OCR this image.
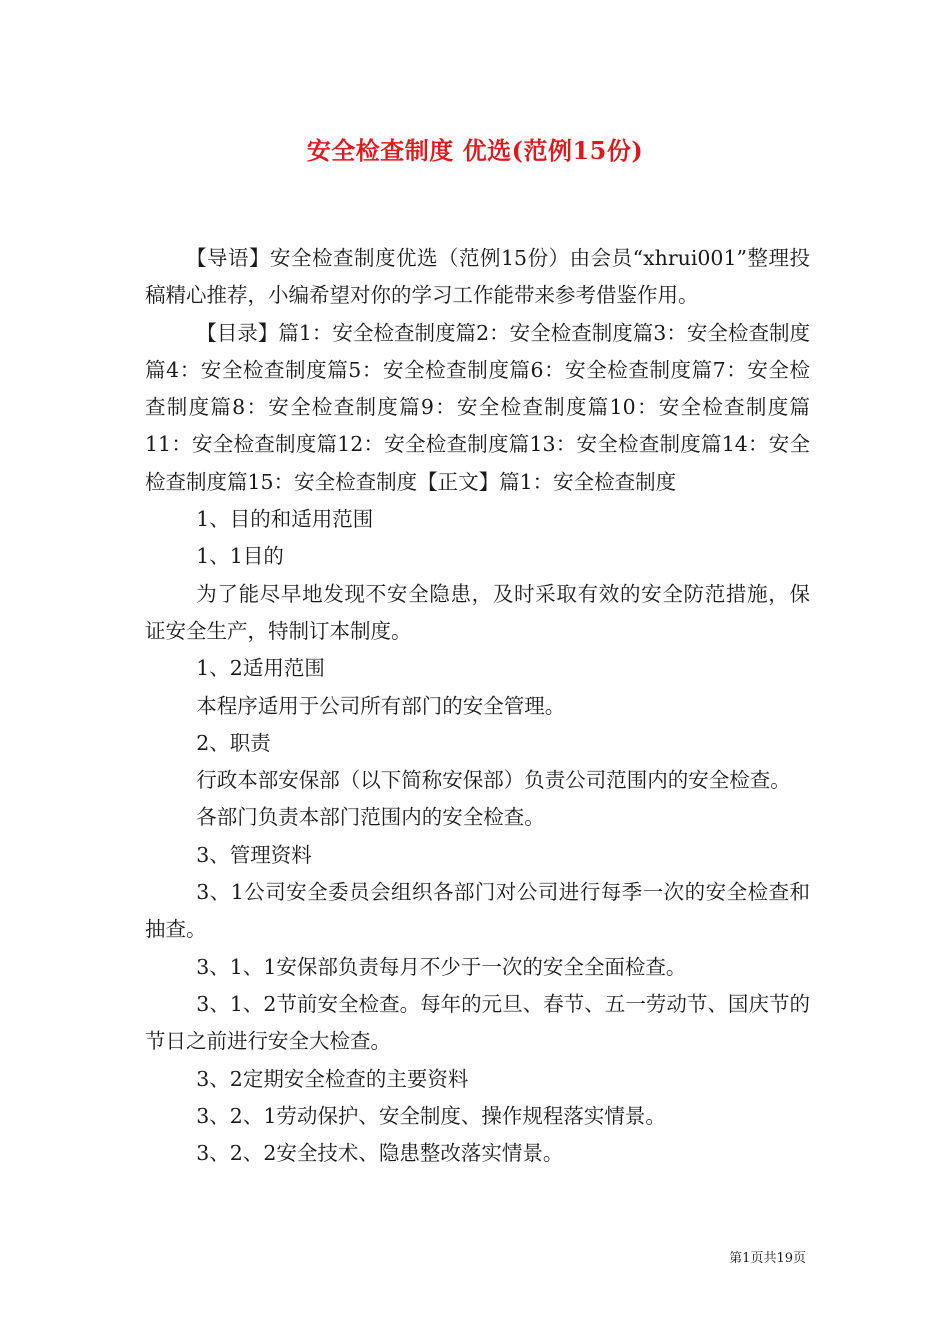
安全检查制度 优选(范例15份)

【导语】安全检查制度优选（范例15份）由会员“xhrui001”整理投稿精心推荐，小编希望对你的学习工作能带来参考借鉴作用。

【目录】篇1：安全检查制度篇2：安全检查制度篇3：安全检查制度篇4：安全检查制度篇5：安全检查制度篇6：安全检查制度篇7：安全检查制度篇8：安全检查制度篇9：安全检查制度篇10：安全检查制度篇11：安全检查制度篇12：安全检查制度篇13：安全检查制度篇14：安全检查制度篇15：安全检查制度【正文】篇1：安全检查制度

1、目的和适用范围

1、1目的

为了能尽早地发现不安全隐患，及时采取有效的安全防范措施，保证安全生产，特制订本制度。

1、2适用范围

本程序适用于公司所有部门的安全管理。

2、职责

行政本部安保部（以下简称安保部）负责公司范围内的安全检查。

各部门负责本部门范围内的安全检查。

3、管理资料

3、1公司安全委员会组织各部门对公司进行每季一次的安全检查和抽查。

3、1、1安保部负责每月不少于一次的安全全面检查。

3、1、2节前安全检查。每年的元旦、春节、五一劳动节、国庆节的节日之前进行安全大检查。

3、2定期安全检查的主要资料

3、2、1劳动保护、安全制度、操作规程落实情景。

3、2、2安全技术、隐患整改落实情景。

第1页共19页
